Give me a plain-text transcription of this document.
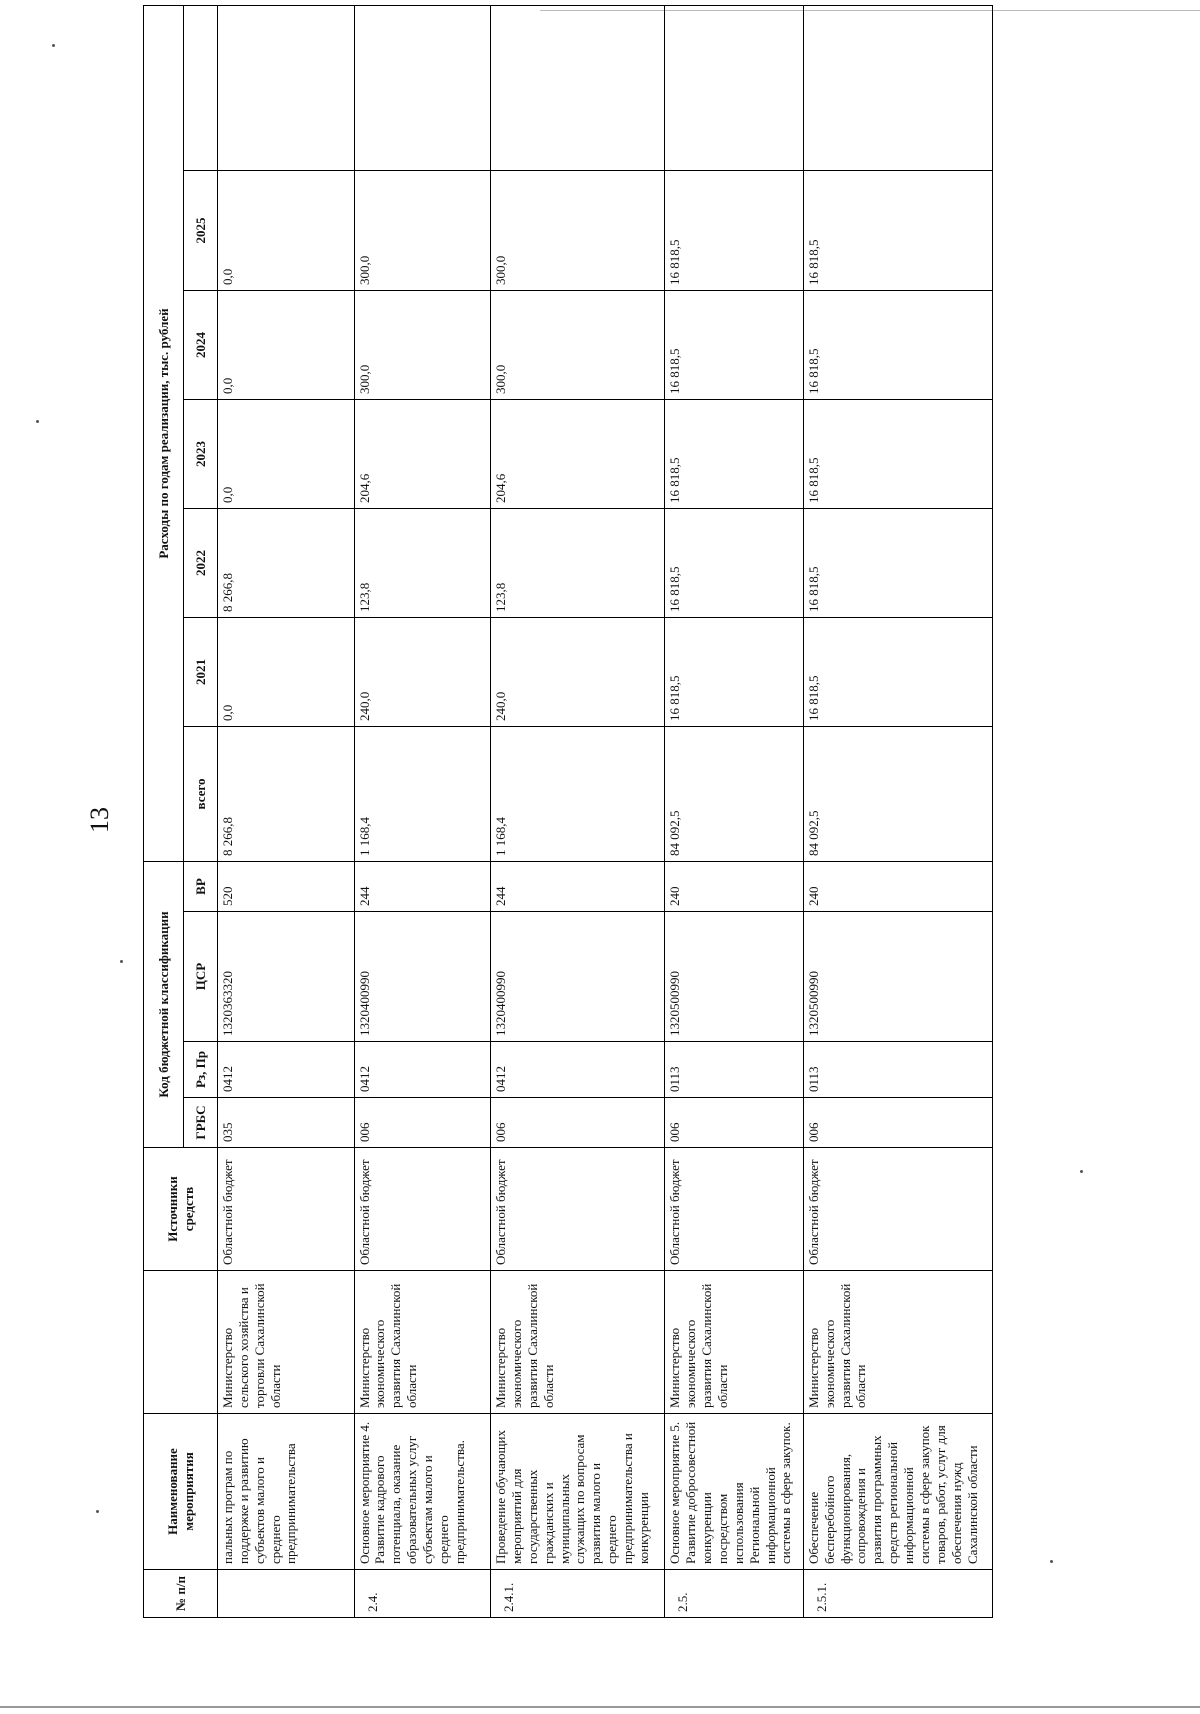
13
№ п/п	Наименование мероприятия		Источники средств	Код бюджетной классификации				Расходы по годам реализации, тыс. рублей						
				ГРБС	Рз, Пр	ЦСР	ВР	всего	2021	2022	2023	2024	2025	

	пальных програм по поддержке и развитию субъектов малого и среднего предпринимательства	Министерство сельского хозяйства и торговли Сахалинской области	Областной бюджет	035	0412	1320363320	520	8 266,8	0,0	8 266,8	0,0	0,0	0,0	
2.4.	Основное мероприятие 4. Развитие кадрового потенциала, оказание образовательных услуг субъектам малого и среднего предпринимательства.	Министерство экономического развития Сахалинской области	Областной бюджет	006	0412	1320400990	244	1 168,4	240,0	123,8	204,6	300,0	300,0	
2.4.1.	Проведение обучающих мероприятий для государственных гражданских и муниципальных служащих по вопросам развития малого и среднего предпринимательства и конкуренции	Министерство экономического развития Сахалинской области	Областной бюджет	006	0412	1320400990	244	1 168,4	240,0	123,8	204,6	300,0	300,0	
2.5.	Основное мероприятие 5. Развитие добросовестной конкуренции посредством использования Региональной информационной системы в сфере закупок.	Министерство экономического развития Сахалинской области	Областной бюджет	006	0113	1320500990	240	84 092,5	16 818,5	16 818,5	16 818,5	16 818,5	16 818,5	
2.5.1.	Обеспечение бесперебойного функционирования, сопровождения и развития программных средств региональной информационной системы в сфере закупок товаров, работ, услуг для обеспечения нужд Сахалинской области	Министерство экономического развития Сахалинской области	Областной бюджет	006	0113	1320500990	240	84 092,5	16 818,5	16 818,5	16 818,5	16 818,5	16 818,5	
